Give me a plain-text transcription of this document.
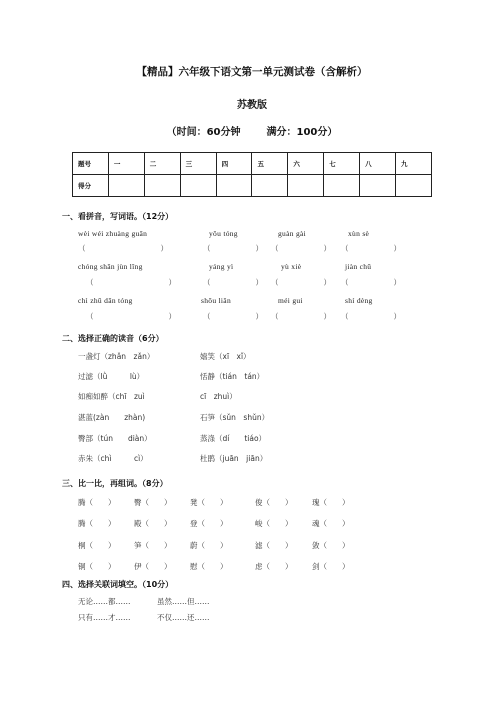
【精品】六年级下语文第一单元测试卷（含解析）
苏教版
（时间：60分钟	满分：100分）
题号	一	二	三	四	五	六	七	八	九
得分									
一、看拼音，写词语。（12分）
wèi wéi zhuàng guān	yǒu tóng	guàn gài	xùn sè
（　　　　　　　　　　）	（　　　　　　） （　　　　　　） （　　　　　　）
chóng shān jùn lǐng	yáng yì	yù xiè	jiàn chū
（　　　　　　　　　　）	（　　　　　　） （　　　　　　） （　　　　　　）
chì zhū dān tóng	shōu liǎn	méi gui	shí dèng
（　　　　　　　　　　）	（　　　　　　） （　　　　　　） （　　　　　　）
二、选择正确的读音（6分）
一盏灯（zhǎn　zǎn）	嬉笑（xī　xǐ）
过滤（lǜ　　　lù）	恬静（tián　tán）
如痴如醉（chī　zuì	cī　zhuì）
湛蓝(zàn　　zhàn)	石笋（sǔn　shǔn）
臀部（tún　　diàn）	蒸涤（dí　　tiáo）
赤朱（chì　　　cì）	杜鹃（juān　jiān）
三、比一比，再组词。（8分）
腾（　　） 臀（　　） 凳（　　）	俊（　　）	瑰（　　）
腾（　　） 殿（　　） 登（　　）	峻（　　）	魂（　　）
桐（　　） 笋（　　） 蔚（　　）	滤（　　）	敛（　　）
铜（　　） 伊（　　） 慰（　　）	虑（　　）	剑（　　）
四、选择关联词填空。（10分）
无论……都……	虽然……但……
只有……才……	不仅……还……
